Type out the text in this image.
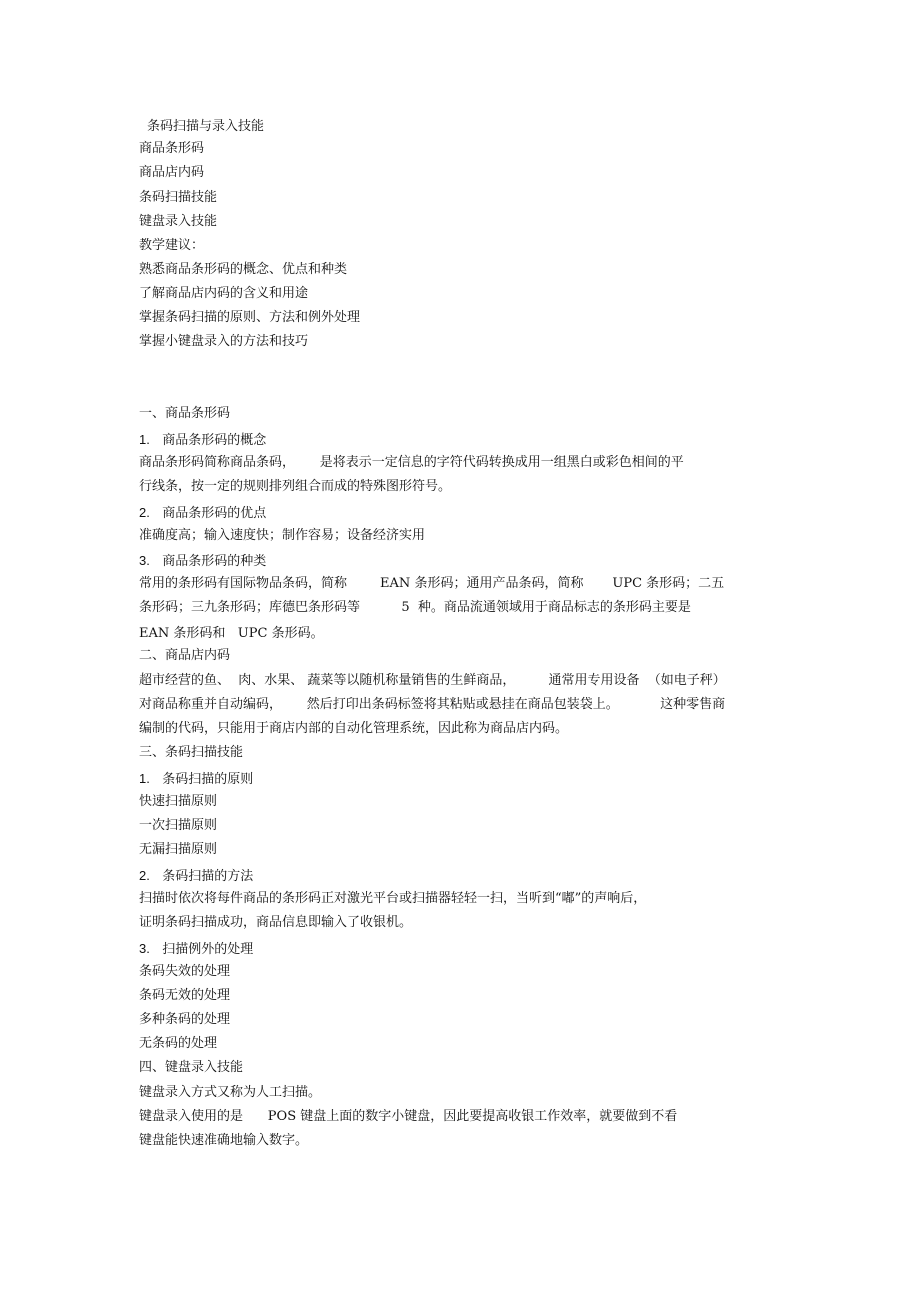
条码扫描与录入技能

商品条形码

商品店内码

条码扫描技能

键盘录入技能

教学建议：

熟悉商品条形码的概念、优点和种类

了解商品店内码的含义和用途

掌握条码扫描的原则、方法和例外处理

掌握小键盘录入的方法和技巧

一、商品条形码

1. 商品条形码的概念

商品条形码简称商品条码，      是将表示一定信息的字符代码转换成用一组黑白或彩色相间的平

行线条，按一定的规则排列组合而成的特殊图形符号。

2. 商品条形码的优点

准确度高；输入速度快；制作容易；设备经济实用

3. 商品条形码的种类

常用的条形码有国际物品条码，简称        EAN 条形码；通用产品条码，简称       UPC 条形码；二五

条形码；三九条形码；库德巴条形码等          5  种。商品流通领域用于商品标志的条形码主要是

EAN 条形码和   UPC 条形码。

二、商品店内码

超市经营的鱼、  肉、水果、 蔬菜等以随机称量销售的生鲜商品，        通常用专用设备  （如电子秤）

对商品称重并自动编码，      然后打印出条码标签将其粘贴或悬挂在商品包装袋上。          这种零售商

编制的代码，只能用于商店内部的自动化管理系统，因此称为商品店内码。

三、条码扫描技能

1. 条码扫描的原则

快速扫描原则

一次扫描原则

无漏扫描原则

2. 条码扫描的方法

扫描时依次将每件商品的条形码正对激光平台或扫描器轻轻一扫，当听到“嘟”的声响后，

证明条码扫描成功，商品信息即输入了收银机。

3. 扫描例外的处理

条码失效的处理

条码无效的处理

多种条码的处理

无条码的处理

四、键盘录入技能

键盘录入方式又称为人工扫描。

键盘录入使用的是      POS 键盘上面的数字小键盘，因此要提高收银工作效率，就要做到不看

键盘能快速准确地输入数字。
